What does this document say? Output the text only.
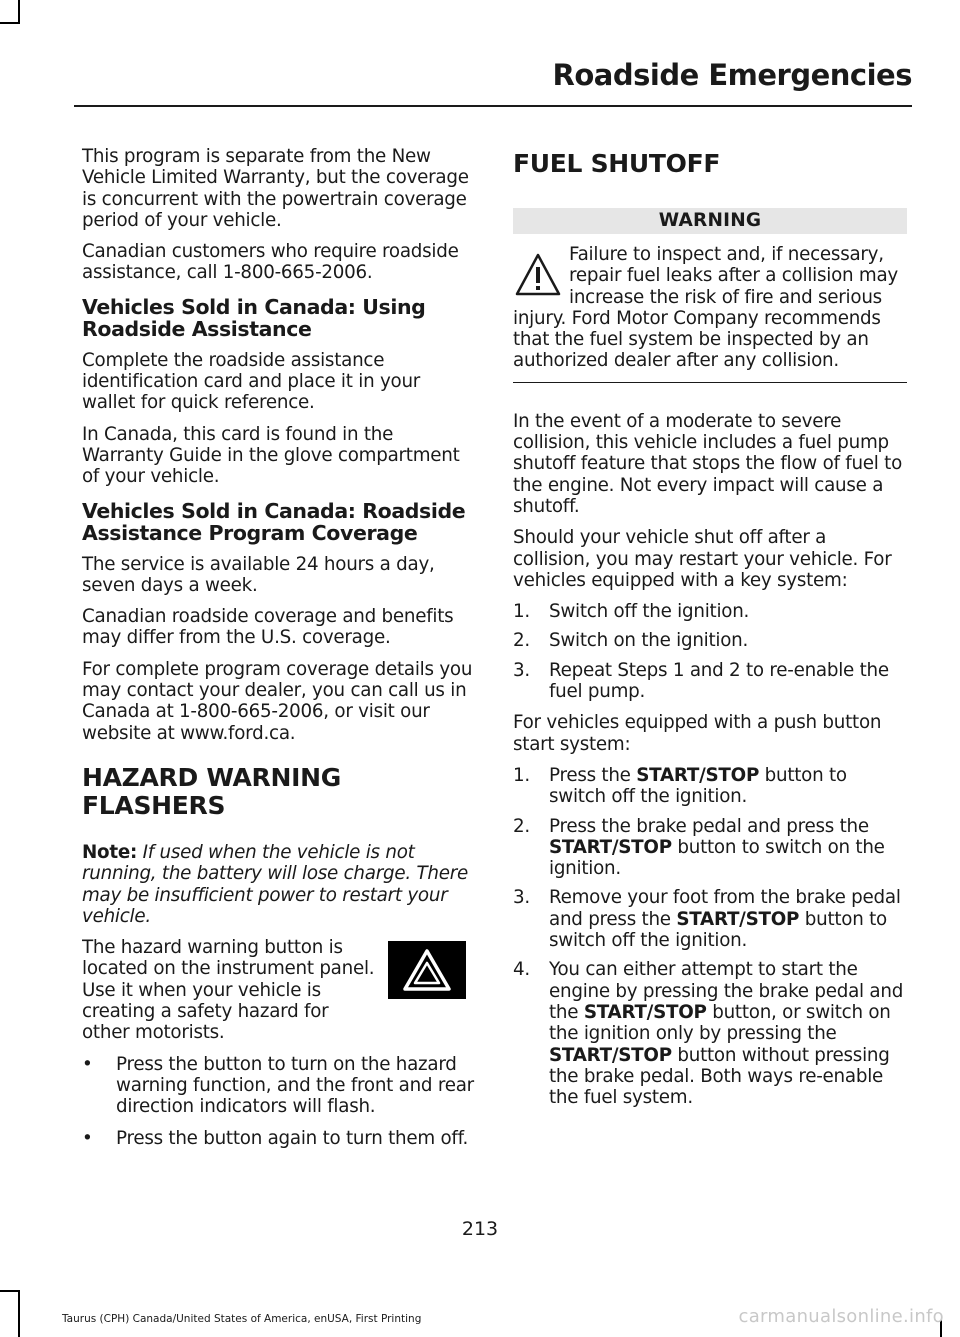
Roadside Emergencies

This program is separate from the New Vehicle Limited Warranty, but the coverage is concurrent with the powertrain coverage period of your vehicle.

Canadian customers who require roadside assistance, call 1-800-665-2006.

Vehicles Sold in Canada: Using Roadside Assistance

Complete the roadside assistance identification card and place it in your wallet for quick reference.

In Canada, this card is found in the Warranty Guide in the glove compartment of your vehicle.

Vehicles Sold in Canada: Roadside Assistance Program Coverage

The service is available 24 hours a day, seven days a week.

Canadian roadside coverage and benefits may differ from the U.S. coverage.

For complete program coverage details you may contact your dealer, you can call us in Canada at 1-800-665-2006, or visit our website at www.ford.ca.

HAZARD WARNING FLASHERS

Note: If used when the vehicle is not running, the battery will lose charge. There may be insufficient power to restart your vehicle.

The hazard warning button is located on the instrument panel. Use it when your vehicle is creating a safety hazard for other motorists.

• Press the button to turn on the hazard warning function, and the front and rear direction indicators will flash.
• Press the button again to turn them off.
FUEL SHUTOFF
WARNING

Failure to inspect and, if necessary, repair fuel leaks after a collision may increase the risk of fire and serious injury. Ford Motor Company recommends that the fuel system be inspected by an authorized dealer after any collision.

In the event of a moderate to severe collision, this vehicle includes a fuel pump shutoff feature that stops the flow of fuel to the engine. Not every impact will cause a shutoff.

Should your vehicle shut off after a collision, you may restart your vehicle. For vehicles equipped with a key system:

1. Switch off the ignition.
2. Switch on the ignition.
3. Repeat Steps 1 and 2 to re-enable the fuel pump.

For vehicles equipped with a push button start system:

1. Press the START/STOP button to switch off the ignition.
2. Press the brake pedal and press the START/STOP button to switch on the ignition.
3. Remove your foot from the brake pedal and press the START/STOP button to switch off the ignition.
4. You can either attempt to start the engine by pressing the brake pedal and the START/STOP button, or switch on the ignition only by pressing the START/STOP button without pressing the brake pedal. Both ways re-enable the fuel system.
213
Taurus (CPH) Canada/United States of America, enUSA, First Printing	carmanualsonline.info
